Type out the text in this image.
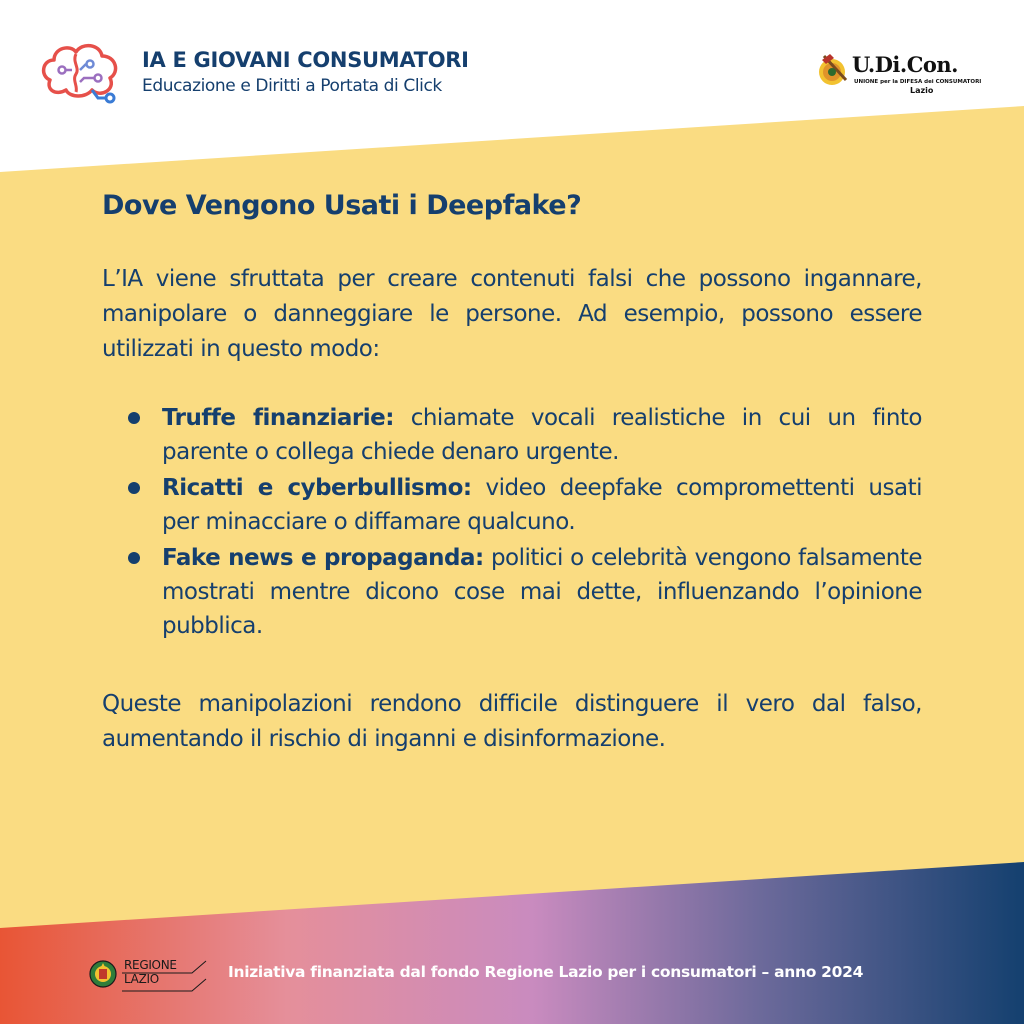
IA E GIOVANI CONSUMATORI
Educazione e Diritti a Portata di Click
U.Di.Con.
UNIONE per la DIFESA dei CONSUMATORI
Lazio
Dove Vengono Usati i Deepfake?

L’IA viene sfruttata per creare contenuti falsi che possono ingannare, manipolare o danneggiare le persone. Ad esempio, possono essere utilizzati in questo modo:

Truffe finanziarie: chiamate vocali realistiche in cui un finto parente o collega chiede denaro urgente.
Ricatti e cyberbullismo: video deepfake compromettenti usati per minacciare o diffamare qualcuno.
Fake news e propaganda: politici o celebrità vengono falsamente mostrati mentre dicono cose mai dette, influenzando l’opinione pubblica.

Queste manipolazioni rendono difficile distinguere il vero dal falso, aumentando il rischio di inganni e disinformazione.

REGIONE
LAZIO	Iniziativa finanziata dal fondo Regione Lazio per i consumatori – anno 2024
